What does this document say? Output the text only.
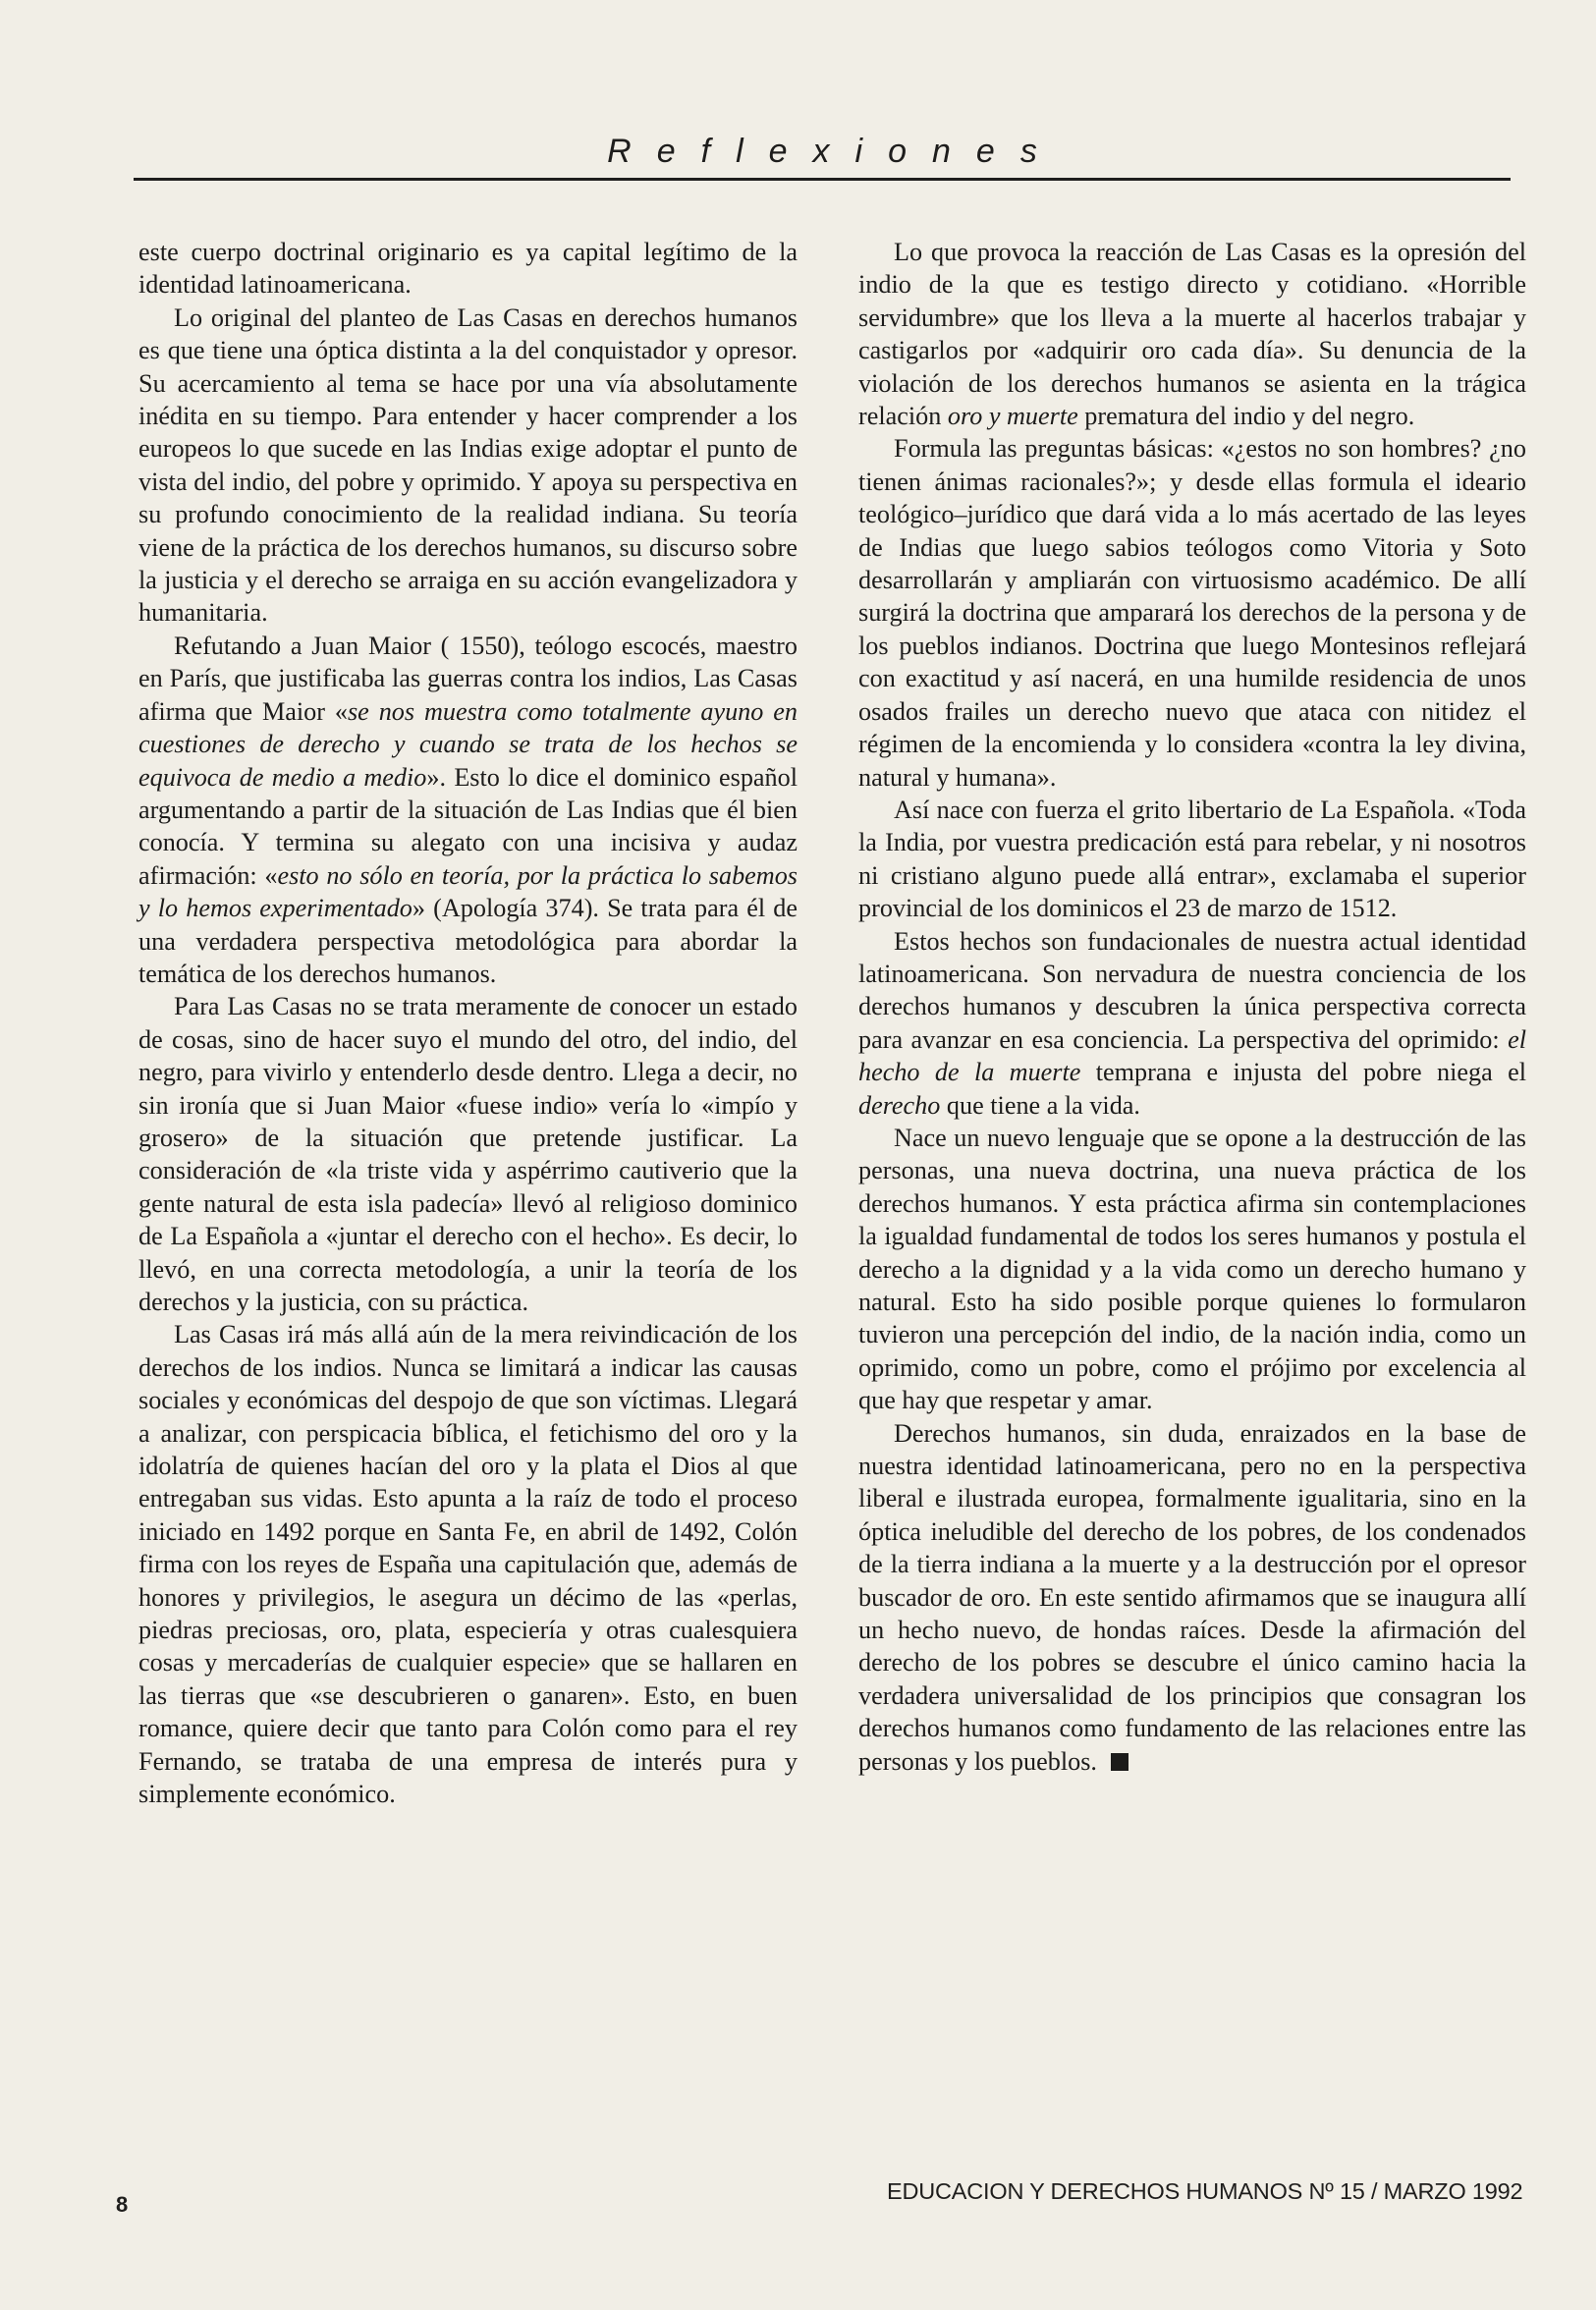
Reflexiones

este cuerpo doctrinal originario es ya capital legítimo de la identidad latinoamericana.

Lo original del planteo de Las Casas en derechos humanos es que tiene una óptica distinta a la del conquistador y opresor. Su acercamiento al tema se hace por una vía absolutamente inédita en su tiempo. Para entender y hacer comprender a los europeos lo que sucede en las Indias exige adoptar el punto de vista del indio, del pobre y oprimido. Y apoya su perspectiva en su profundo conocimiento de la realidad indiana. Su teoría viene de la práctica de los derechos humanos, su discurso sobre la justicia y el derecho se arraiga en su acción evangelizadora y humanitaria.

Refutando a Juan Maior ( 1550), teólogo escocés, maestro en París, que justificaba las guerras contra los indios, Las Casas afirma que Maior «se nos muestra como totalmente ayuno en cuestiones de derecho y cuando se trata de los hechos se equivoca de medio a medio». Esto lo dice el dominico español argumentando a partir de la situación de Las Indias que él bien conocía. Y termina su alegato con una incisiva y audaz afirmación: «esto no sólo en teoría, por la práctica lo sabemos y lo hemos experimentado» (Apología 374). Se trata para él de una verdadera perspectiva metodológica para abordar la temática de los derechos humanos.

Para Las Casas no se trata meramente de conocer un estado de cosas, sino de hacer suyo el mundo del otro, del indio, del negro, para vivirlo y entenderlo desde dentro. Llega a decir, no sin ironía que si Juan Maior «fuese indio» vería lo «impío y grosero» de la situación que pretende justificar. La consideración de «la triste vida y aspérrimo cautiverio que la gente natural de esta isla padecía» llevó al religioso dominico de La Española a «juntar el derecho con el hecho». Es decir, lo llevó, en una correcta metodología, a unir la teoría de los derechos y la justicia, con su práctica.

Las Casas irá más allá aún de la mera reivindicación de los derechos de los indios. Nunca se limitará a indicar las causas sociales y económicas del despojo de que son víctimas. Llegará a analizar, con perspicacia bíblica, el fetichismo del oro y la idolatría de quienes hacían del oro y la plata el Dios al que entregaban sus vidas. Esto apunta a la raíz de todo el proceso iniciado en 1492 porque en Santa Fe, en abril de 1492, Colón firma con los reyes de España una capitulación que, además de honores y privilegios, le asegura un décimo de las «perlas, piedras preciosas, oro, plata, especiería y otras cualesquiera cosas y mercaderías de cualquier especie» que se hallaren en las tierras que «se descubrieren o ganaren». Esto, en buen romance, quiere decir que tanto para Colón como para el rey Fernando, se trataba de una empresa de interés pura y simplemente económico.

Lo que provoca la reacción de Las Casas es la opresión del indio de la que es testigo directo y cotidiano. «Horrible servidumbre» que los lleva a la muerte al hacerlos trabajar y castigarlos por «adquirir oro cada día». Su denuncia de la violación de los derechos humanos se asienta en la trágica relación oro y muerte prematura del indio y del negro.

Formula las preguntas básicas: «¿estos no son hombres? ¿no tienen ánimas racionales?»; y desde ellas formula el ideario teológico–jurídico que dará vida a lo más acertado de las leyes de Indias que luego sabios teólogos como Vitoria y Soto desarrollarán y ampliarán con virtuosismo académico. De allí surgirá la doctrina que amparará los derechos de la persona y de los pueblos indianos. Doctrina que luego Montesinos reflejará con exactitud y así nacerá, en una humilde residencia de unos osados frailes un derecho nuevo que ataca con nitidez el régimen de la encomienda y lo considera «contra la ley divina, natural y humana».

Así nace con fuerza el grito libertario de La Española. «Toda la India, por vuestra predicación está para rebelar, y ni nosotros ni cristiano alguno puede allá entrar», exclamaba el superior provincial de los dominicos el 23 de marzo de 1512.

Estos hechos son fundacionales de nuestra actual identidad latinoamericana. Son nervadura de nuestra conciencia de los derechos humanos y descubren la única perspectiva correcta para avanzar en esa conciencia. La perspectiva del oprimido: el hecho de la muerte temprana e injusta del pobre niega el derecho que tiene a la vida.

Nace un nuevo lenguaje que se opone a la destrucción de las personas, una nueva doctrina, una nueva práctica de los derechos humanos. Y esta práctica afirma sin contemplaciones la igualdad fundamental de todos los seres humanos y postula el derecho a la dignidad y a la vida como un derecho humano y natural. Esto ha sido posible porque quienes lo formularon tuvieron una percepción del indio, de la nación india, como un oprimido, como un pobre, como el prójimo por excelencia al que hay que respetar y amar.

Derechos humanos, sin duda, enraizados en la base de nuestra identidad latinoamericana, pero no en la perspectiva liberal e ilustrada europea, formalmente igualitaria, sino en la óptica ineludible del derecho de los pobres, de los condenados de la tierra indiana a la muerte y a la destrucción por el opresor buscador de oro. En este sentido afirmamos que se inaugura allí un hecho nuevo, de hondas raíces. Desde la afirmación del derecho de los pobres se descubre el único camino hacia la verdadera universalidad de los principios que consagran los derechos humanos como fundamento de las relaciones entre las personas y los pueblos.

8
EDUCACION Y DERECHOS HUMANOS Nº 15 / MARZO 1992
